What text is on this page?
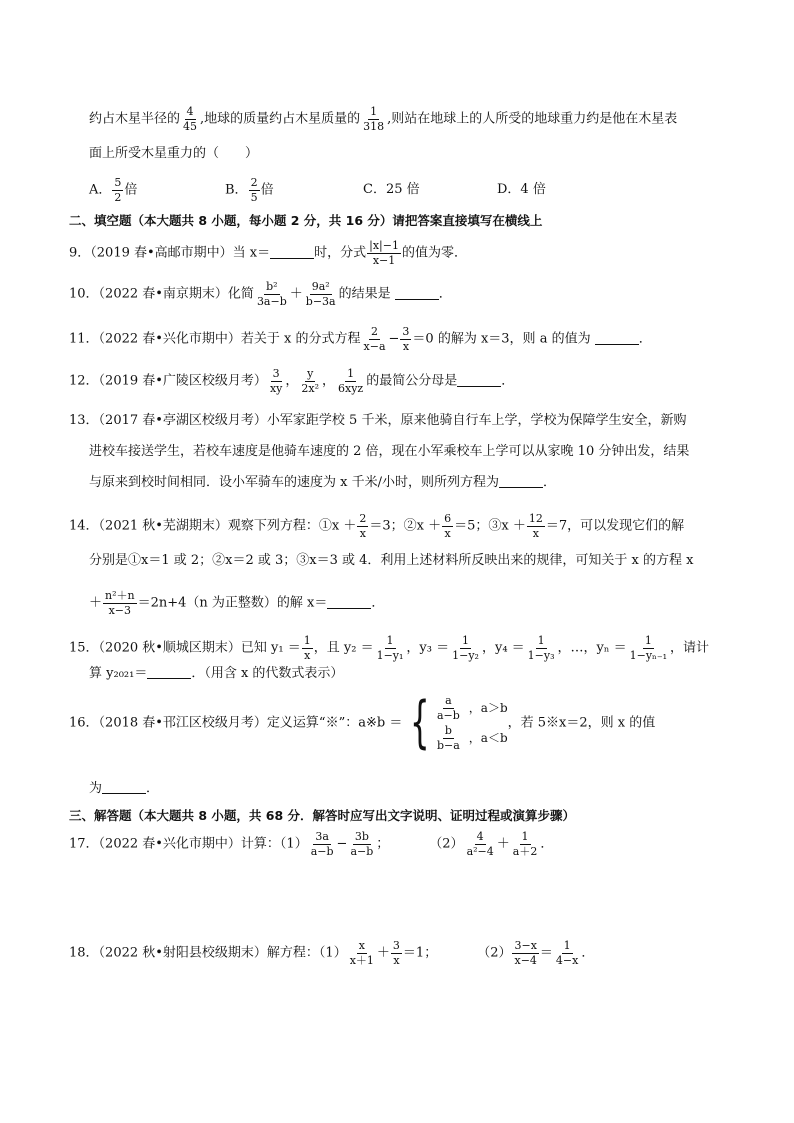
约占木星半径的 $\frac{4}{45}$ ,地球的质量约占木星质量的 $\frac{1}{318}$ ,则站在地球上的人所受的地球重力约是他在木星表
面上所受木星重力的（　　）
A． $\frac{5}{2}$ 倍	B． $\frac{2}{5}$ 倍	C．25 倍	D．4 倍
二、填空题（本大题共 8 小题，每小题 2 分，共 16 分）请把答案直接填写在横线上
9．（2019 春•高邮市期中）当 x＝	时，分式 $\frac{|x|-1}{x-1}$ 的值为零．
10．（2022 春•南京期末）化简 $\frac{\text{b²}}{3a-b} + \frac{\text{9a²}}{b-3a}$ 的结果是	．
11．（2022 春•兴化市期中）若关于 x 的分式方程 $\frac{2}{x-a} - \frac{3}{x} =0$ 的解为 x＝3，则 a 的值为	．
12．（2019 春•广陵区校级月考） $\frac{3}{xy}$ ， $\frac{y}{\text{2x²}}$ ， $\frac{1}{\text{6xyz}}$ 的最简公分母是	．
13．（2017 春•亭湖区校级月考）小军家距学校 5 千米，原来他骑自行车上学，学校为保障学生安全，新购
进校车接送学生，若校车速度是他骑车速度的 2 倍，现在小军乘校车上学可以从家晚 10 分钟出发，结果
与原来到校时间相同．设小军骑车的速度为 x 千米/小时，则所列方程为	．
14．（2021 秋•芜湖期末）观察下列方程：①x ＋ $\frac{2}{x} =3$；②x ＋ $\frac{6}{x} =5$；③x ＋ $\frac{12}{x} =7$，可以发现它们的解
分别是①x＝1 或 2；②x＝2 或 3；③x＝3 或 4．利用上述材料所反映出来的规律，可知关于 x 的方程 x
＋ $\frac{\text{n²＋n}}{x-3} =2n+4(n$ 为正整数）的解 x＝	．
15．（2020 秋•顺城区期末）已知 $y_1 = \frac{1}{x}$ ，且 $y_2 = \frac{1}{\text{1−y₁}}$ ，$y_3 = \frac{1}{\text{1−y₂}}$ ，$y_4 = \frac{1}{\text{1−y₃}}$ ，…，$y_n = \frac{1}{\text{1−yₙ₋₁}}$ ，请计
算 y₂₀₂₁＝	．（用含 x 的代数式表示）
16．（2018 春•邗江区校级月考）定义运算“※”：a※b ＝ { $\frac{a}{a-b}$ ，a＞b
$\frac{b}{b-a}$ ，a＜b
，若 5※x＝2，则 x 的值
为	．
三、解答题（本大题共 8 小题，共 68 分．解答时应写出文字说明、证明过程或演算步骤）
17．（2022 春•兴化市期中）计算：$(1) \frac{3a}{a-b} - \frac{3b}{a-b}$ ；	$(2) \frac{4}{\text{a²−4}} + \frac{1}{a+2}$ ．
18．（2022 秋•射阳县校级期末）解方程：$(1) \frac{x}{x+1} + \frac{3}{x} =1$；	$(2) \frac{3-x}{x-4} = \frac{1}{4-x}$ ．
